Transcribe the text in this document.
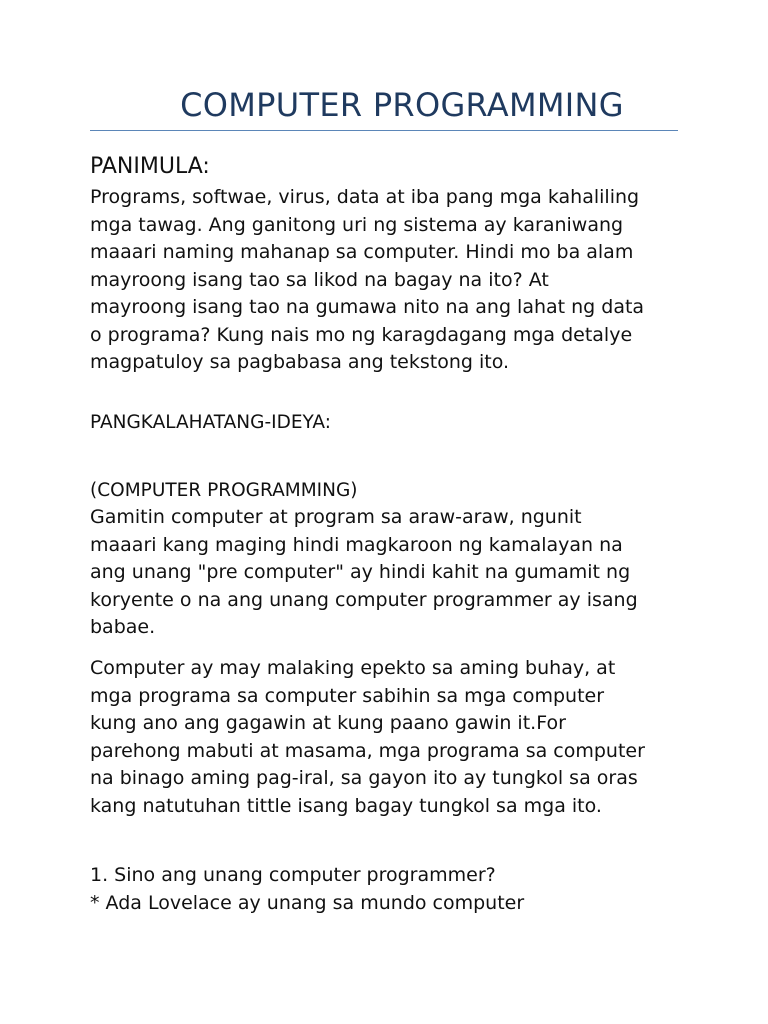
COMPUTER PROGRAMMING
PANIMULA:

Programs, softwae, virus, data at iba pang mga kahaliling
mga tawag. Ang ganitong uri ng sistema ay karaniwang
maaari naming mahanap sa computer. Hindi mo ba alam
mayroong isang tao sa likod na bagay na ito? At
mayroong isang tao na gumawa nito na ang lahat ng data
o programa? Kung nais mo ng karagdagang mga detalye
magpatuloy sa pagbabasa ang tekstong ito.

PANGKALAHATANG-IDEYA:

(COMPUTER PROGRAMMING)

Gamitin computer at program sa araw-araw, ngunit
maaari kang maging hindi magkaroon ng kamalayan na
ang unang "pre computer" ay hindi kahit na gumamit ng
koryente o na ang unang computer programmer ay isang
babae.

Computer ay may malaking epekto sa aming buhay, at
mga programa sa computer sabihin sa mga computer
kung ano ang gagawin at kung paano gawin it.For
parehong mabuti at masama, mga programa sa computer
na binago aming pag-iral, sa gayon ito ay tungkol sa oras
kang natutuhan tittle isang bagay tungkol sa mga ito.

1. Sino ang unang computer programmer?
* Ada Lovelace ay unang sa mundo computer
